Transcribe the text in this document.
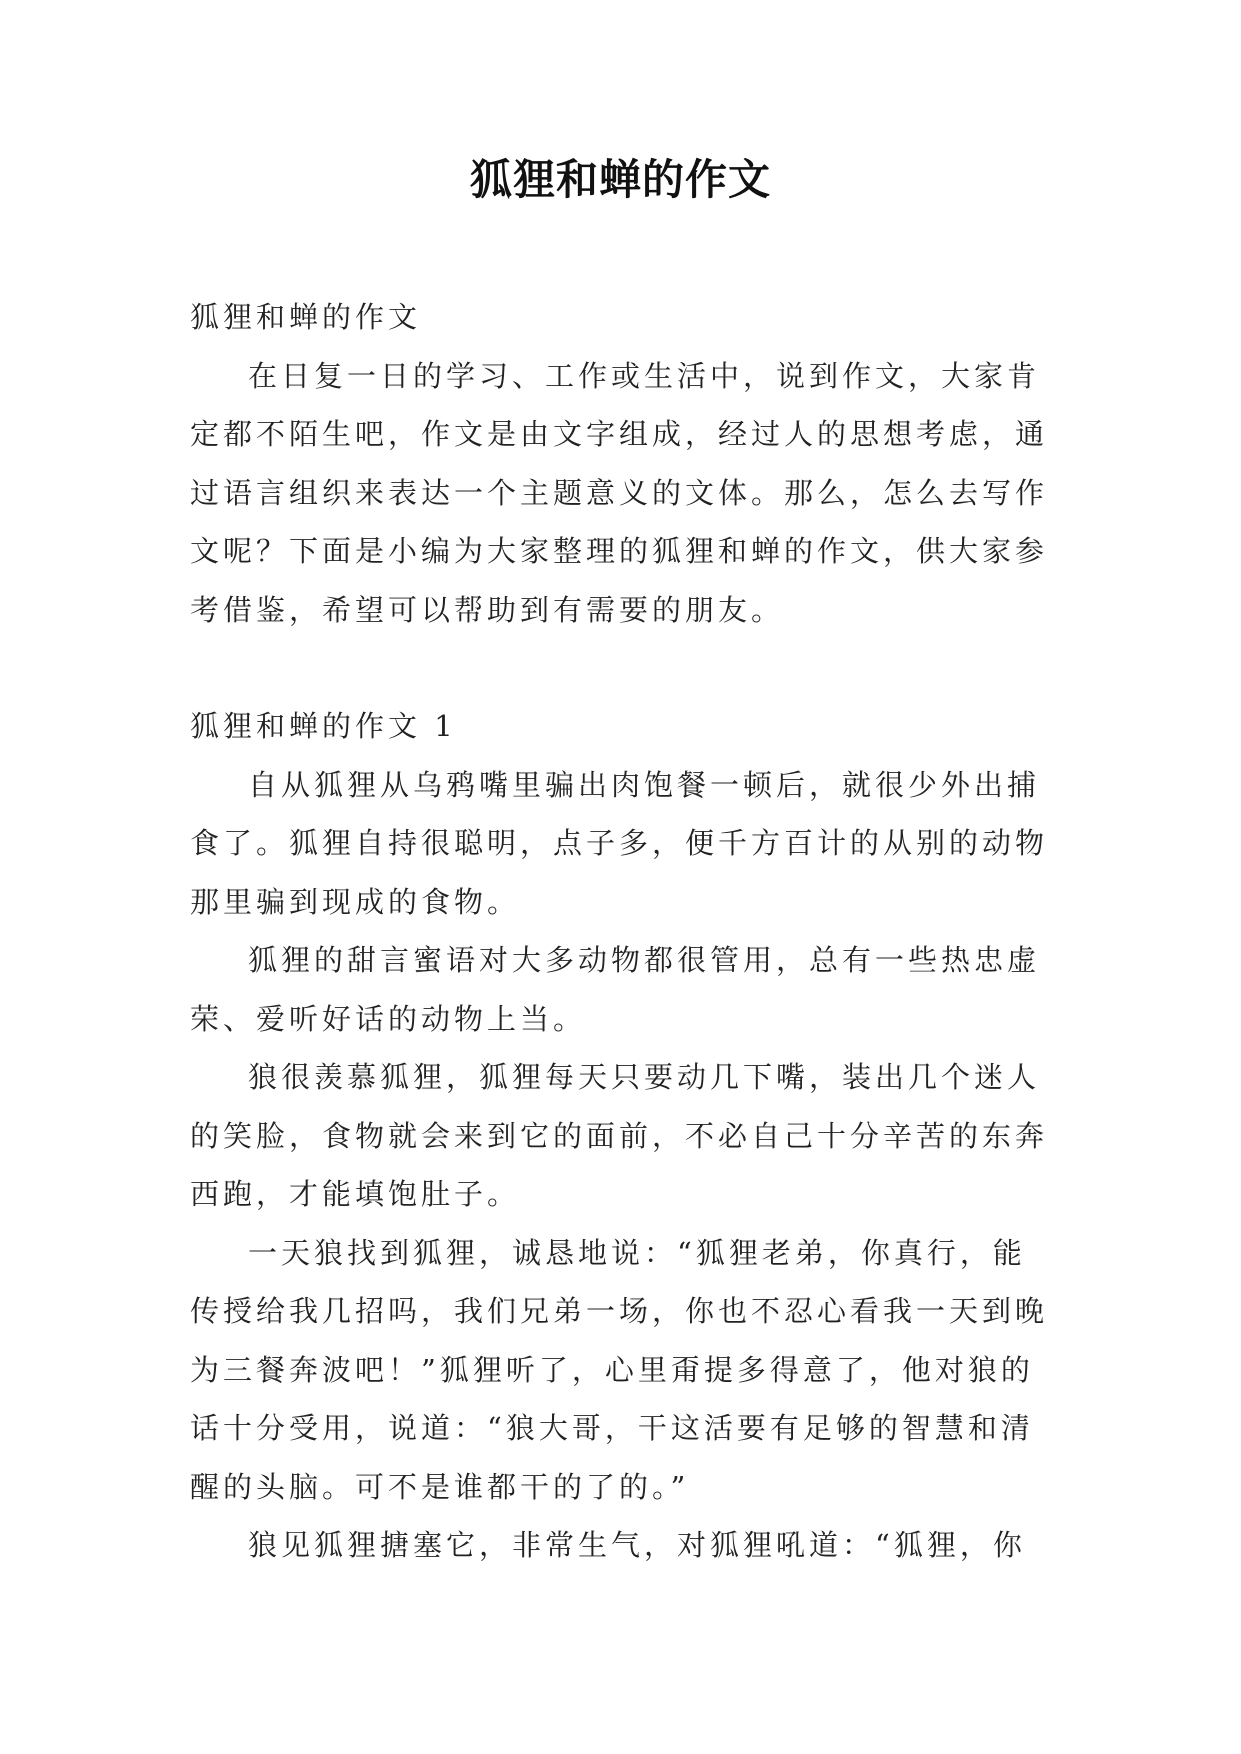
狐狸和蝉的作文

狐狸和蝉的作文

在日复一日的学习、工作或生活中，说到作文，大家肯定都不陌生吧，作文是由文字组成，经过人的思想考虑，通过语言组织来表达一个主题意义的文体。那么，怎么去写作文呢？下面是小编为大家整理的狐狸和蝉的作文，供大家参考借鉴，希望可以帮助到有需要的朋友。

狐狸和蝉的作文 1

自从狐狸从乌鸦嘴里骗出肉饱餐一顿后，就很少外出捕食了。狐狸自持很聪明，点子多，便千方百计的从别的动物那里骗到现成的食物。

狐狸的甜言蜜语对大多动物都很管用，总有一些热忠虚荣、爱听好话的动物上当。

狼很羡慕狐狸，狐狸每天只要动几下嘴，装出几个迷人的笑脸，食物就会来到它的面前，不必自己十分辛苦的东奔西跑，才能填饱肚子。

一天狼找到狐狸，诚恳地说：“狐狸老弟，你真行，能传授给我几招吗，我们兄弟一场，你也不忍心看我一天到晚为三餐奔波吧！”狐狸听了，心里甭提多得意了，他对狼的话十分受用，说道：“狼大哥，干这活要有足够的智慧和清醒的头脑。可不是谁都干的了的。”

狼见狐狸搪塞它，非常生气，对狐狸吼道：“狐狸，你
